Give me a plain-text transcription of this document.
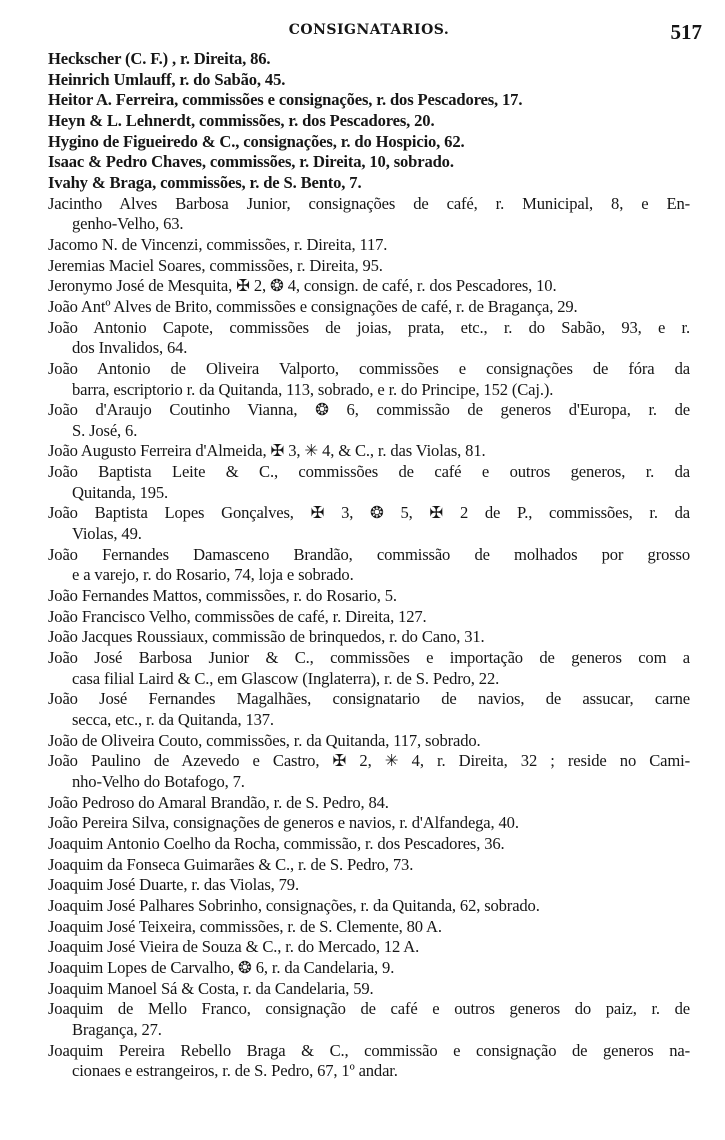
CONSIGNATARIOS.	517
Heckscher (C. F.) , r. Direita, 86.
Heinrich Umlauff, r. do Sabão, 45.
Heitor A. Ferreira, commissões e consignações, r. dos Pescadores, 17.
Heyn & L. Lehnerdt, commissões, r. dos Pescadores, 20.
Hygino de Figueiredo & C., consignações, r. do Hospicio, 62.
Isaac & Pedro Chaves, commissões, r. Direita, 10, sobrado.
Ivahy & Braga, commissões, r. de S. Bento, 7.
Jacintho Alves Barbosa Junior, consignações de café, r. Municipal, 8, e En-
genho-Velho, 63.
Jacomo N. de Vincenzi, commissões, r. Direita, 117.
Jeremias Maciel Soares, commissões, r. Direita, 95.
Jeronymo José de Mesquita, ✠ 2, ❂ 4, consign. de café, r. dos Pescadores, 10.
João Antº Alves de Brito, commissões e consignações de café, r. de Bragança, 29.
João Antonio Capote, commissões de joias, prata, etc., r. do Sabão, 93, e r.
dos Invalidos, 64.
João Antonio de Oliveira Valporto, commissões e consignações de fóra da
barra, escriptorio r. da Quitanda, 113, sobrado, e r. do Principe, 152 (Caj.).
João d'Araujo Coutinho Vianna, ❂ 6, commissão de generos d'Europa, r. de
S. José, 6.
João Augusto Ferreira d'Almeida, ✠ 3, ✳ 4, & C., r. das Violas, 81.
João Baptista Leite & C., commissões de café e outros generos, r. da
Quitanda, 195.
João Baptista Lopes Gonçalves, ✠ 3, ❂ 5, ✠ 2 de P., commissões, r. da
Violas, 49.
João Fernandes Damasceno Brandão, commissão de molhados por grosso
e a varejo, r. do Rosario, 74, loja e sobrado.
João Fernandes Mattos, commissões, r. do Rosario, 5.
João Francisco Velho, commissões de café, r. Direita, 127.
João Jacques Roussiaux, commissão de brinquedos, r. do Cano, 31.
João José Barbosa Junior & C., commissões e importação de generos com a
casa filial Laird & C., em Glascow (Inglaterra), r. de S. Pedro, 22.
João José Fernandes Magalhães, consignatario de navios, de assucar, carne
secca, etc., r. da Quitanda, 137.
João de Oliveira Couto, commissões, r. da Quitanda, 117, sobrado.
João Paulino de Azevedo e Castro, ✠ 2, ✳ 4, r. Direita, 32 ; reside no Cami-
nho-Velho do Botafogo, 7.
João Pedroso do Amaral Brandão, r. de S. Pedro, 84.
João Pereira Silva, consignações de generos e navios, r. d'Alfandega, 40.
Joaquim Antonio Coelho da Rocha, commissão, r. dos Pescadores, 36.
Joaquim da Fonseca Guimarães & C., r. de S. Pedro, 73.
Joaquim José Duarte, r. das Violas, 79.
Joaquim José Palhares Sobrinho, consignações, r. da Quitanda, 62, sobrado.
Joaquim José Teixeira, commissões, r. de S. Clemente, 80 A.
Joaquim José Vieira de Souza & C., r. do Mercado, 12 A.
Joaquim Lopes de Carvalho, ❂ 6, r. da Candelaria, 9.
Joaquim Manoel Sá & Costa, r. da Candelaria, 59.
Joaquim de Mello Franco, consignação de café e outros generos do paiz, r. de
Bragança, 27.
Joaquim Pereira Rebello Braga & C., commissão e consignação de generos na-
cionaes e estrangeiros, r. de S. Pedro, 67, 1º andar.
